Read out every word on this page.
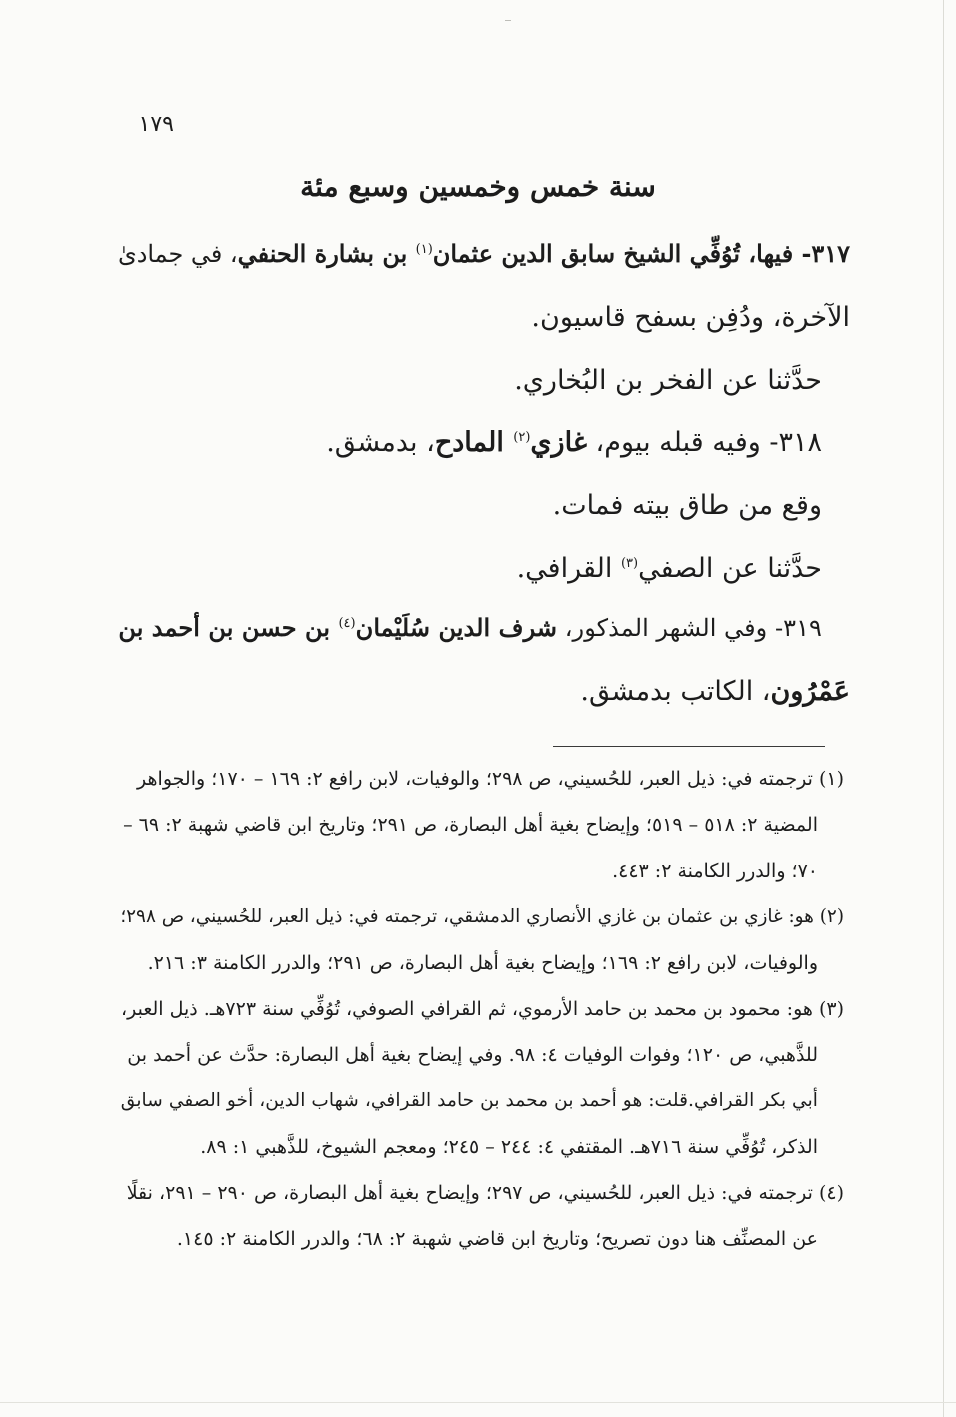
١٧٩
سنة خمس وخمسين وسبع مئة
٣١٧- فيها، تُوُفِّي الشيخ سابق الدين عثمان$^{(١)}$ بن بشارة الحنفي، في جمادىٰ
الآخرة، ودُفِن بسفح قاسيون.
حدَّثنا عن الفخر بن البُخاري.
٣١٨- وفيه قبله بيوم، غازي$^{(٢)}$ المادح، بدمشق.
وقع من طاق بيته فمات.
حدَّثنا عن الصفي$^{(٣)}$ القرافي.
٣١٩- وفي الشهر المذكور، شرف الدين سُلَيْمان$^{(٤)}$ بن حسن بن أحمد بن
عَمْرُون، الكاتب بدمشق.
(١) ترجمته في: ذيل العبر، للحُسيني، ص ٢٩٨؛ والوفيات، لابن رافع ٢: ١٦٩ – ١٧٠؛ والجواهر
المضية ٢: ٥١٨ – ٥١٩؛ وإيضاح بغية أهل البصارة، ص ٢٩١؛ وتاريخ ابن قاضي شهبة ٢: ٦٩ –
٧٠؛ والدرر الكامنة ٢: ٤٤٣.
(٢) هو: غازي بن عثمان بن غازي الأنصاري الدمشقي، ترجمته في: ذيل العبر، للحُسيني، ص ٢٩٨؛
والوفيات، لابن رافع ٢: ١٦٩؛ وإيضاح بغية أهل البصارة، ص ٢٩١؛ والدرر الكامنة ٣: ٢١٦.
(٣) هو: محمود بن محمد بن حامد الأرموي، ثم القرافي الصوفي، تُوُفِّي سنة ٧٢٣هـ. ذيل العبر،
للذَّهبي، ص ١٢٠؛ وفوات الوفيات ٤: ٩٨. وفي إيضاح بغية أهل البصارة: حدَّث عن أحمد بن
أبي بكر القرافي.قلت: هو أحمد بن محمد بن حامد القرافي، شهاب الدين، أخو الصفي سابق
الذكر، تُوُفِّي سنة ٧١٦هـ. المقتفي ٤: ٢٤٤ – ٢٤٥؛ ومعجم الشيوخ، للذَّهبي ١: ٨٩.
(٤) ترجمته في: ذيل العبر، للحُسيني، ص ٢٩٧؛ وإيضاح بغية أهل البصارة، ص ٢٩٠ – ٢٩١، نقلًا
عن المصنِّف هنا دون تصريح؛ وتاريخ ابن قاضي شهبة ٢: ٦٨؛ والدرر الكامنة ٢: ١٤٥.
